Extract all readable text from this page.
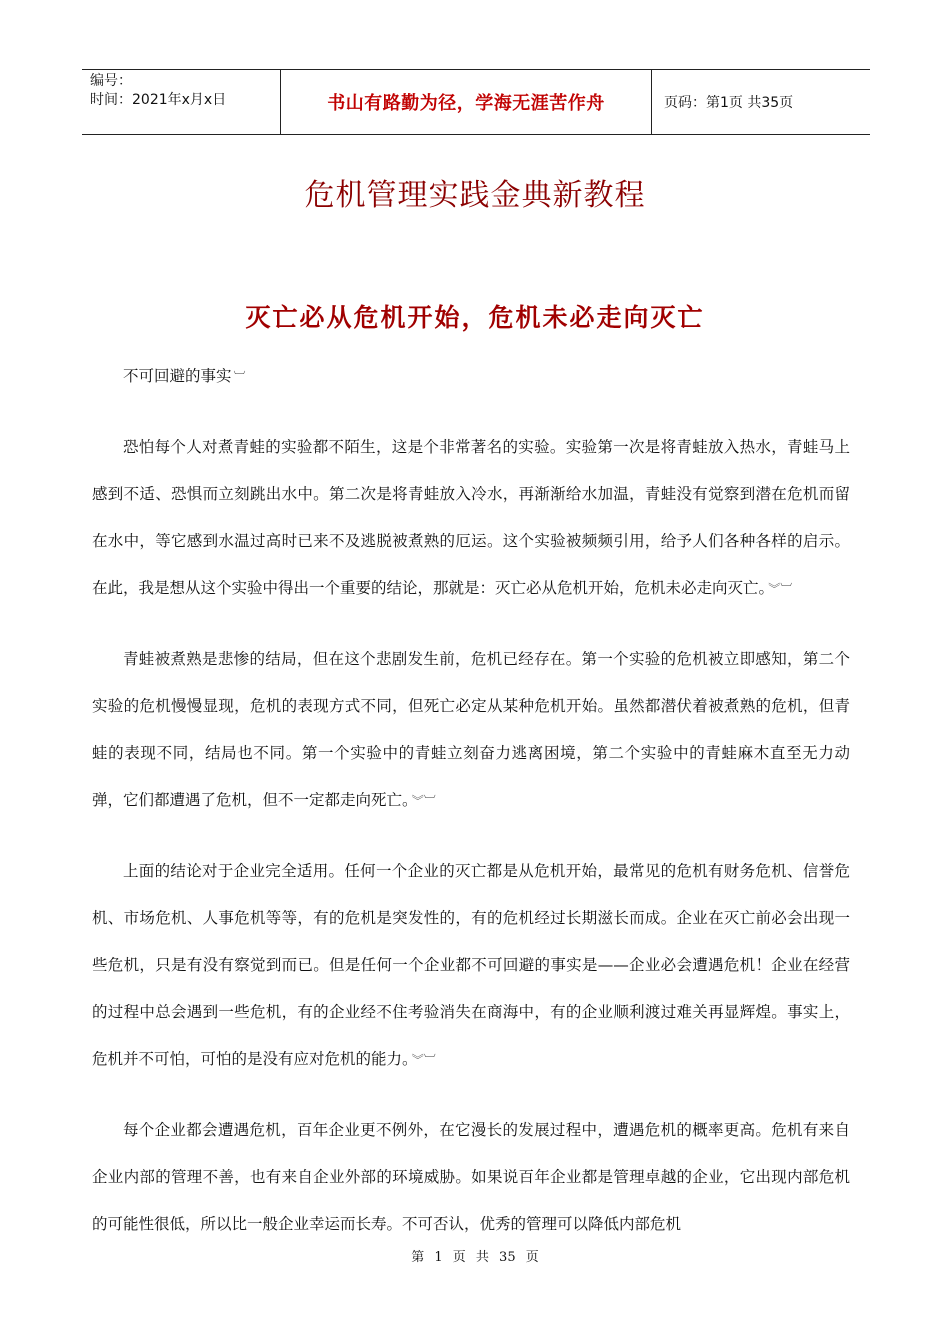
编号：
时间：2021年x月x日	书山有路勤为径，学海无涯苦作舟	页码：第1页 共35页
危机管理实践金典新教程
灭亡必从危机开始，危机未必走向灭亡

不可回避的事实 ︺

恐怕每个人对煮青蛙的实验都不陌生，这是个非常著名的实验。实验第一次是将青蛙放入热水，青蛙马上感到不适、恐惧而立刻跳出水中。第二次是将青蛙放入冷水，再渐渐给水加温，青蛙没有觉察到潜在危机而留在水中，等它感到水温过高时已来不及逃脱被煮熟的厄运。这个实验被频频引用，给予人们各种各样的启示。在此，我是想从这个实验中得出一个重要的结论，那就是：灭亡必从危机开始，危机未必走向灭亡。 ︾︺

青蛙被煮熟是悲惨的结局，但在这个悲剧发生前，危机已经存在。第一个实验的危机被立即感知，第二个实验的危机慢慢显现，危机的表现方式不同，但死亡必定从某种危机开始。虽然都潜伏着被煮熟的危机，但青蛙的表现不同，结局也不同。第一个实验中的青蛙立刻奋力逃离困境，第二个实验中的青蛙麻木直至无力动弹，它们都遭遇了危机，但不一定都走向死亡。 ︾︺

上面的结论对于企业完全适用。任何一个企业的灭亡都是从危机开始，最常见的危机有财务危机、信誉危机、市场危机、人事危机等等，有的危机是突发性的，有的危机经过长期滋长而成。企业在灭亡前必会出现一些危机，只是有没有察觉到而已。但是任何一个企业都不可回避的事实是——企业必会遭遇危机！企业在经营的过程中总会遇到一些危机，有的企业经不住考验消失在商海中，有的企业顺利渡过难关再显辉煌。事实上，危机并不可怕，可怕的是没有应对危机的能力。 ︾︺

每个企业都会遭遇危机，百年企业更不例外，在它漫长的发展过程中，遭遇危机的概率更高。危机有来自企业内部的管理不善，也有来自企业外部的环境威胁。如果说百年企业都是管理卓越的企业，它出现内部危机的可能性很低，所以比一般企业幸运而长寿。不可否认，优秀的管理可以降低内部危机

第 1 页 共 35 页
